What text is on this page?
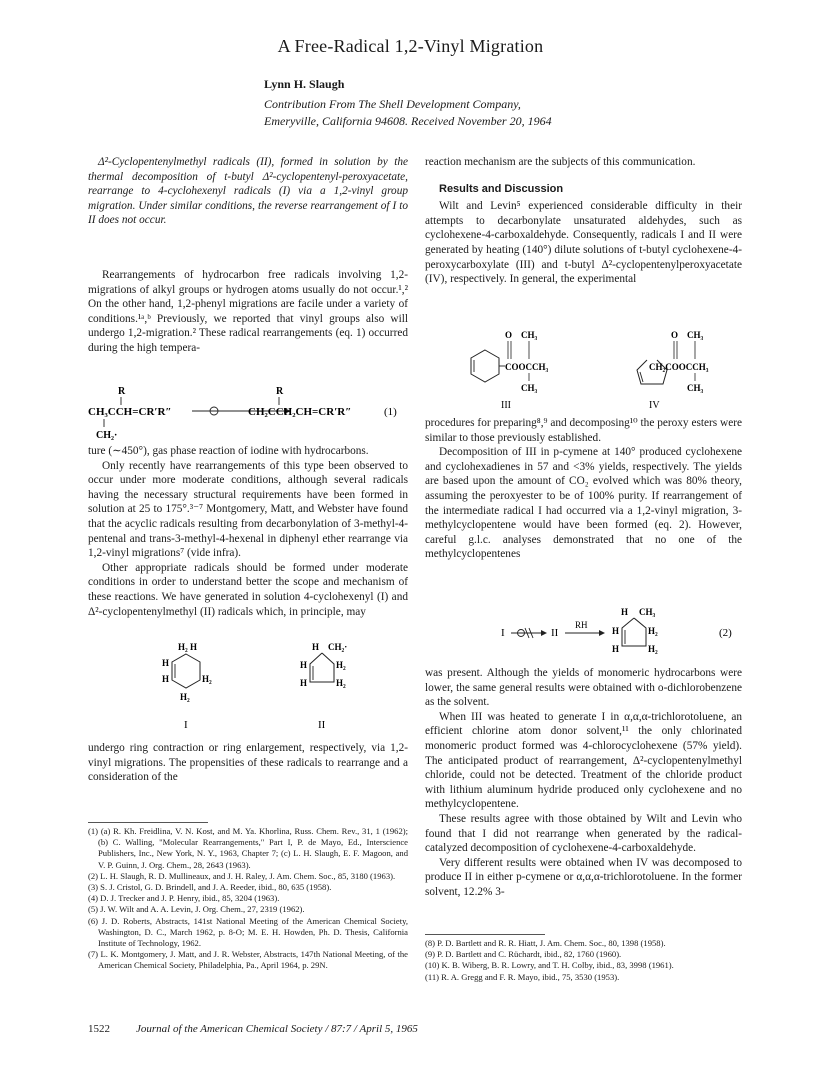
A Free-Radical 1,2-Vinyl Migration
Lynn H. Slaugh
Contribution From The Shell Development Company,
Emeryville, California 94608. Received November 20, 1964

Δ²-Cyclopentenylmethyl radicals (II), formed in solution by the thermal decomposition of t-butyl Δ²-cyclopentenyl-peroxyacetate, rearrange to 4-cyclohexenyl radicals (I) via a 1,2-vinyl group migration. Under similar conditions, the reverse rearrangement of I to II does not occur.

Rearrangements of hydrocarbon free radicals involving 1,2-migrations of alkyl groups or hydrogen atoms usually do not occur.¹,² On the other hand, 1,2-phenyl migrations are facile under a variety of conditions.¹ᵃ,ᵇ Previously, we reported that vinyl groups also will undergo 1,2-migration.² These radical rearrangements (eq. 1) occurred during the high tempera-

R
CH₃CCH=CR′R″
CH₂·
R
CH₂CCH₂CH=CR′R″	(1)

ture (∼450°), gas phase reaction of iodine with hydrocarbons.

Only recently have rearrangements of this type been observed to occur under more moderate conditions, although several radicals having the necessary structural requirements have been formed in solution at 25 to 175°.³⁻⁷ Montgomery, Matt, and Webster have found that the acyclic radicals resulting from decarbonylation of 3-methyl-4-pentenal and trans-3-methyl-4-hexenal in diphenyl ether rearrange via 1,2-vinyl migrations⁷ (vide infra).

Other appropriate radicals should be formed under moderate conditions in order to understand better the scope and mechanism of these reactions. We have generated in solution 4-cyclohexenyl (I) and Δ²-cyclopentenylmethyl (II) radicals which, in principle, may

H₂ H
H
H	H₂
H₂
I
H CH₂·
H	H₂
H	H₂
II

undergo ring contraction or ring enlargement, respectively, via 1,2-vinyl migrations. The propensities of these radicals to rearrange and a consideration of the

(1) (a) R. Kh. Freidlina, V. N. Kost, and M. Ya. Khorlina, Russ. Chem. Rev., 31, 1 (1962); (b) C. Walling, "Molecular Rearrangements," Part I, P. de Mayo, Ed., Interscience Publishers, Inc., New York, N. Y., 1963, Chapter 7; (c) L. H. Slaugh, E. F. Magoon, and V. P. Guinn, J. Org. Chem., 28, 2643 (1963).

(2) L. H. Slaugh, R. D. Mullineaux, and J. H. Raley, J. Am. Chem. Soc., 85, 3180 (1963).

(3) S. J. Cristol, G. D. Brindell, and J. A. Reeder, ibid., 80, 635 (1958).

(4) D. J. Trecker and J. P. Henry, ibid., 85, 3204 (1963).

(5) J. W. Wilt and A. A. Levin, J. Org. Chem., 27, 2319 (1962).

(6) J. D. Roberts, Abstracts, 141st National Meeting of the American Chemical Society, Washington, D. C., March 1962, p. 8-O; M. E. H. Howden, Ph. D. Thesis, California Institute of Technology, 1962.

(7) L. K. Montgomery, J. Matt, and J. R. Webster, Abstracts, 147th National Meeting, of the American Chemical Society, Philadelphia, Pa., April 1964, p. 29N.

reaction mechanism are the subjects of this communication.

Results and Discussion

Wilt and Levin⁵ experienced considerable difficulty in their attempts to decarbonylate unsaturated aldehydes, such as cyclohexene-4-carboxaldehyde. Consequently, radicals I and II were generated by heating (140°) dilute solutions of t-butyl cyclohexene-4-peroxycarboxylate (III) and t-butyl Δ²-cyclopentenylperoxyacetate (IV), respectively. In general, the experimental

O CH₃
COOCCH₃
CH₃
III
O CH₃
CH₂COOCCH₃
CH₃
IV

procedures for preparing⁸,⁹ and decomposing¹⁰ the peroxy esters were similar to those previously established.

Decomposition of III in p-cymene at 140° produced cyclohexene and cyclohexadienes in 57 and <3% yields, respectively. The yields are based upon the amount of CO₂ evolved which was 80% theory, assuming the peroxyester to be of 100% purity. If rearrangement of the intermediate radical I had occurred via a 1,2-vinyl migration, 3-methylcyclopentene would have been formed (eq. 2). However, careful g.l.c. analyses demonstrated that no one of the methylcyclopentenes

I	II
RH
H CH₃
H	H₂
H	H₂
(2)

was present. Although the yields of monomeric hydrocarbons were lower, the same general results were obtained with o-dichlorobenzene as the solvent.

When III was heated to generate I in α,α,α-trichlorotoluene, an efficient chlorine atom donor solvent,¹¹ the only chlorinated monomeric product formed was 4-chlorocyclohexene (57% yield). The anticipated product of rearrangement, Δ²-cyclopentenylmethyl chloride, could not be detected. Treatment of the chloride product with lithium aluminum hydride produced only cyclohexene and no methylcyclopentene.

These results agree with those obtained by Wilt and Levin who found that I did not rearrange when generated by the radical-catalyzed decomposition of cyclohexene-4-carboxaldehyde.

Very different results were obtained when IV was decomposed to produce II in either p-cymene or α,α,α-trichlorotoluene. In the former solvent, 12.2% 3-

(8) P. D. Bartlett and R. R. Hiatt, J. Am. Chem. Soc., 80, 1398 (1958).

(9) P. D. Bartlett and C. Rüchardt, ibid., 82, 1760 (1960).

(10) K. B. Wiberg, B. R. Lowry, and T. H. Colby, ibid., 83, 3998 (1961).

(11) R. A. Gregg and F. R. Mayo, ibid., 75, 3530 (1953).

1522 Journal of the American Chemical Society / 87:7 / April 5, 1965
